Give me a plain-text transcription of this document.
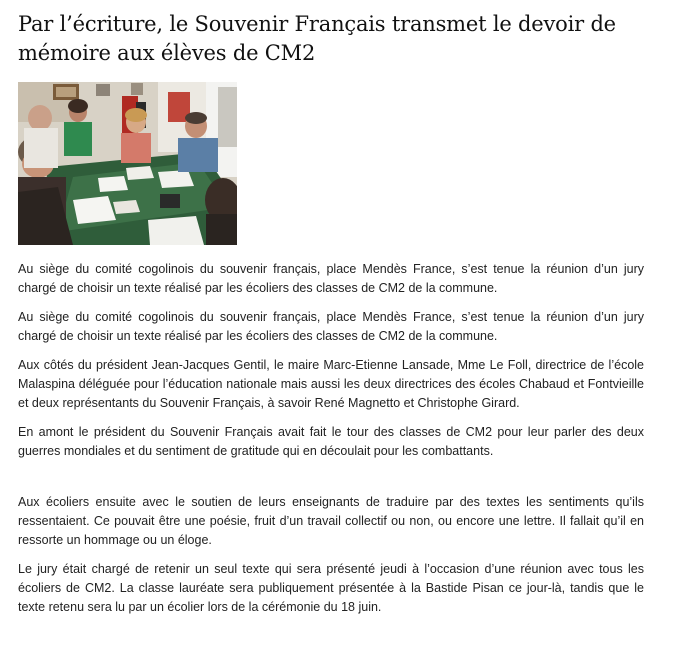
Par l’écriture, le Souvenir Français transmet le devoir de mémoire aux élèves de CM2

Au siège du comité cogolinois du souvenir français, place Mendès France, s’est tenue la réunion d’un jury chargé de choisir un texte réalisé par les écoliers des classes de CM2 de la commune.

Au siège du comité cogolinois du souvenir français, place Mendès France, s’est tenue la réunion d’un jury chargé de choisir un texte réalisé par les écoliers des classes de CM2 de la commune.

Aux côtés du président Jean-Jacques Gentil, le maire Marc-Etienne Lansade, Mme Le Foll, directrice de l’école Malaspina déléguée pour l’éducation nationale mais aussi les deux directrices des écoles Chabaud et Fontvieille et deux représentants du Souvenir Français, à savoir René Magnetto et Christophe Girard.

En amont le président du Souvenir Français avait fait le tour des classes de CM2 pour leur parler des deux guerres mondiales et du sentiment de gratitude qui en découlait pour les combattants.

Aux écoliers ensuite avec le soutien de leurs enseignants de traduire par des textes les sentiments qu’ils ressentaient. Ce pouvait être une poésie, fruit d’un travail collectif ou non, ou encore une lettre. Il fallait qu’il en ressorte un hommage ou un éloge.

Le jury était chargé de retenir un seul texte qui sera présenté jeudi à l’occasion d’une réunion avec tous les écoliers de CM2. La classe lauréate sera publiquement présentée à la Bastide Pisan ce jour-là, tandis que le texte retenu sera lu par un écolier lors de la cérémonie du 18 juin.
